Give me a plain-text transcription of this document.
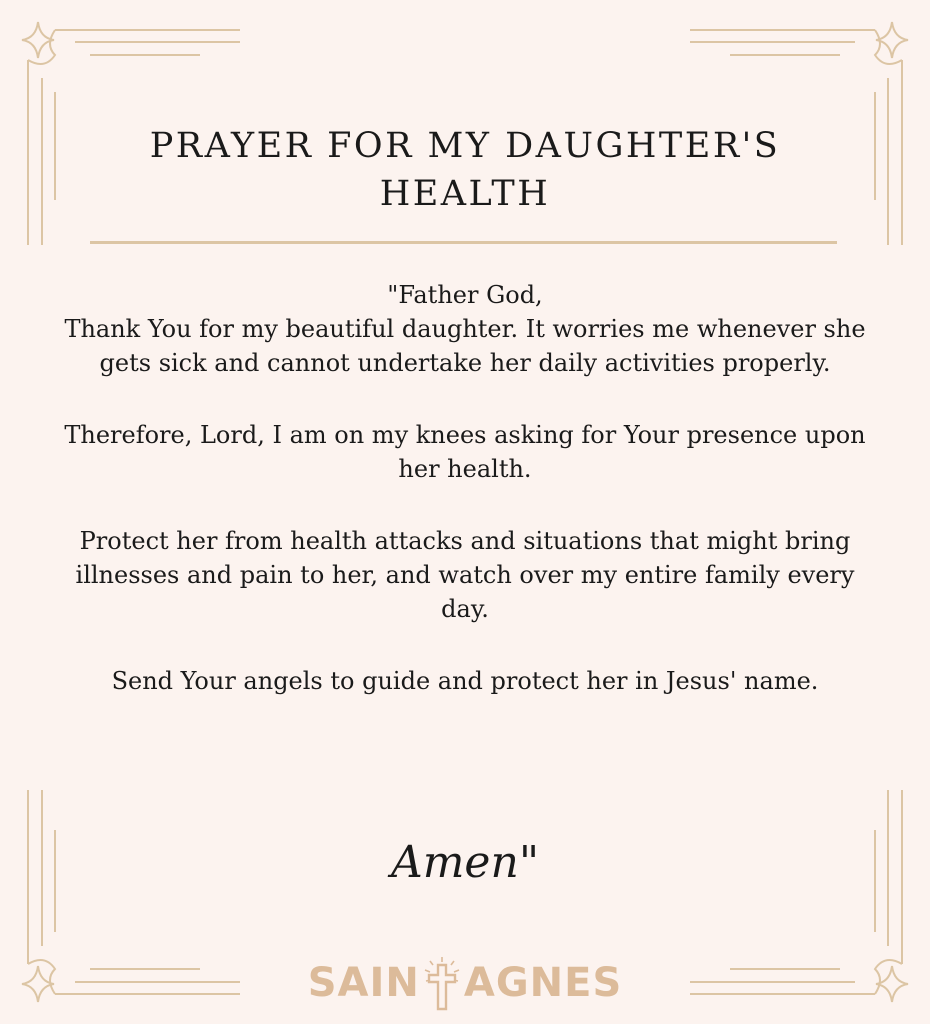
PRAYER FOR MY DAUGHTER'S HEALTH

"Father God,
Thank You for my beautiful daughter. It worries me whenever she gets sick and cannot undertake her daily activities properly.

Therefore, Lord, I am on my knees asking for Your presence upon her health.

Protect her from health attacks and situations that might bring illnesses and pain to her, and watch over my entire family every day.

Send Your angels to guide and protect her in Jesus' name.

Amen"
SAIN AGNES
